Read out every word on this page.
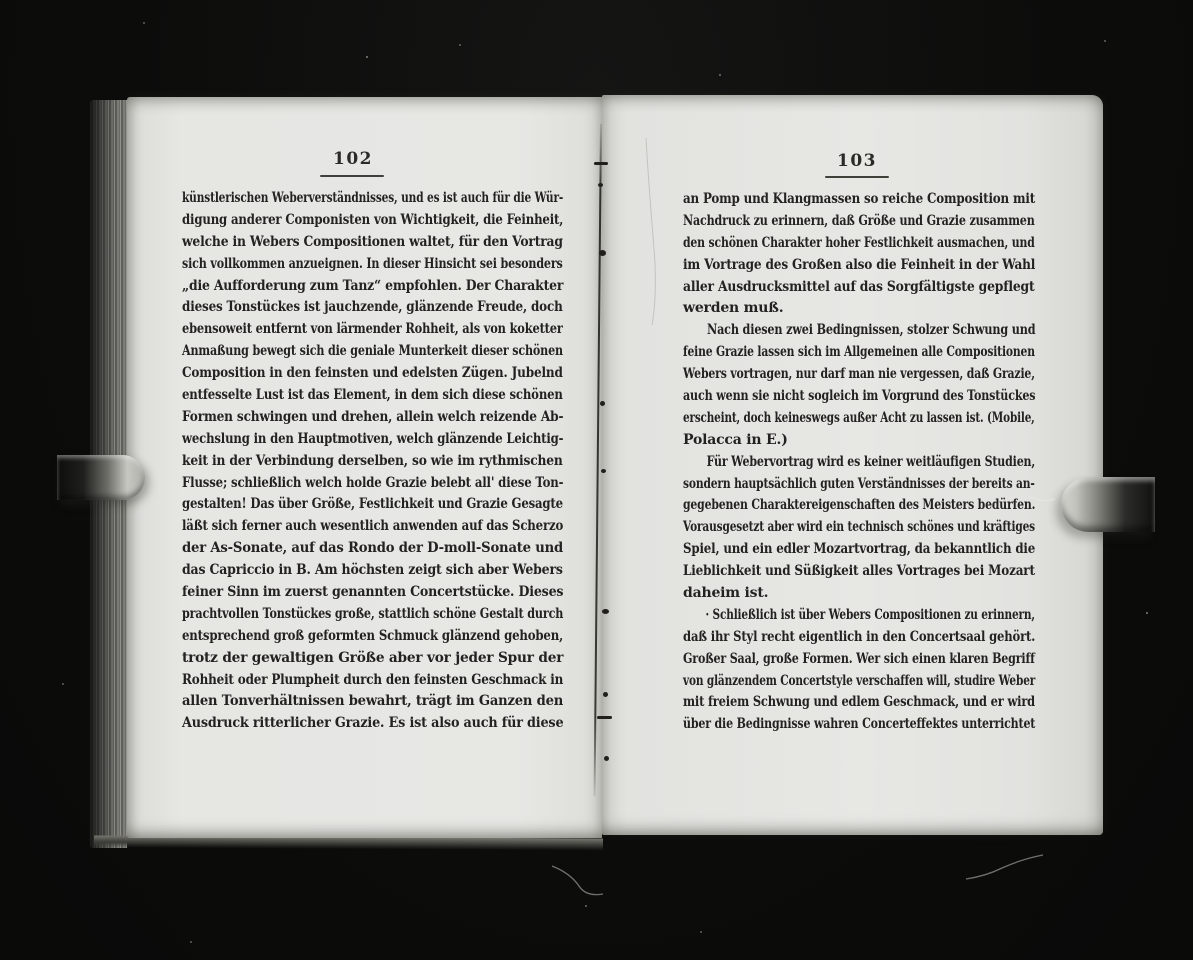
102
künstlerischen Weberverständnisses, und es ist auch für die Wür-
digung anderer Componisten von Wichtigkeit, die Feinheit,
welche in Webers Compositionen waltet, für den Vortrag
sich vollkommen anzueignen. In dieser Hinsicht sei besonders
„die Aufforderung zum Tanz“ empfohlen. Der Charakter
dieses Tonstückes ist jauchzende, glänzende Freude, doch
ebensoweit entfernt von lärmender Rohheit, als von koketter
Anmaßung bewegt sich die geniale Munterkeit dieser schönen
Composition in den feinsten und edelsten Zügen. Jubelnd
entfesselte Lust ist das Element, in dem sich diese schönen
Formen schwingen und drehen, allein welch reizende Ab-
wechslung in den Hauptmotiven, welch glänzende Leichtig-
keit in der Verbindung derselben, so wie im rythmischen
Flusse; schließlich welch holde Grazie belebt all' diese Ton-
gestalten! Das über Größe, Festlichkeit und Grazie Gesagte
läßt sich ferner auch wesentlich anwenden auf das Scherzo
der As-Sonate, auf das Rondo der D-moll-Sonate und
das Capriccio in B. Am höchsten zeigt sich aber Webers
feiner Sinn im zuerst genannten Concertstücke. Dieses
prachtvollen Tonstückes große, stattlich schöne Gestalt durch
entsprechend groß geformten Schmuck glänzend gehoben,
trotz der gewaltigen Größe aber vor jeder Spur der
Rohheit oder Plumpheit durch den feinsten Geschmack in
allen Tonverhältnissen bewahrt, trägt im Ganzen den
Ausdruck ritterlicher Grazie. Es ist also auch für diese
103
an Pomp und Klangmassen so reiche Composition mit
Nachdruck zu erinnern, daß Größe und Grazie zusammen
den schönen Charakter hoher Festlichkeit ausmachen, und
im Vortrage des Großen also die Feinheit in der Wahl
aller Ausdrucksmittel auf das Sorgfältigste gepflegt
werden muß.
Nach diesen zwei Bedingnissen, stolzer Schwung und
feine Grazie lassen sich im Allgemeinen alle Compositionen
Webers vortragen, nur darf man nie vergessen, daß Grazie,
auch wenn sie nicht sogleich im Vorgrund des Tonstückes
erscheint, doch keineswegs außer Acht zu lassen ist. (Mobile,
Polacca in E.)
Für Webervortrag wird es keiner weitläufigen Studien,
sondern hauptsächlich guten Verständnisses der bereits an-
gegebenen Charaktereigenschaften des Meisters bedürfen.
Vorausgesetzt aber wird ein technisch schönes und kräftiges
Spiel, und ein edler Mozartvortrag, da bekanntlich die
Lieblichkeit und Süßigkeit alles Vortrages bei Mozart
daheim ist.
· Schließlich ist über Webers Compositionen zu erinnern,
daß ihr Styl recht eigentlich in den Concertsaal gehört.
Großer Saal, große Formen. Wer sich einen klaren Begriff
von glänzendem Concertstyle verschaffen will, studire Weber
mit freiem Schwung und edlem Geschmack, und er wird
über die Bedingnisse wahren Concerteffektes unterrichtet
